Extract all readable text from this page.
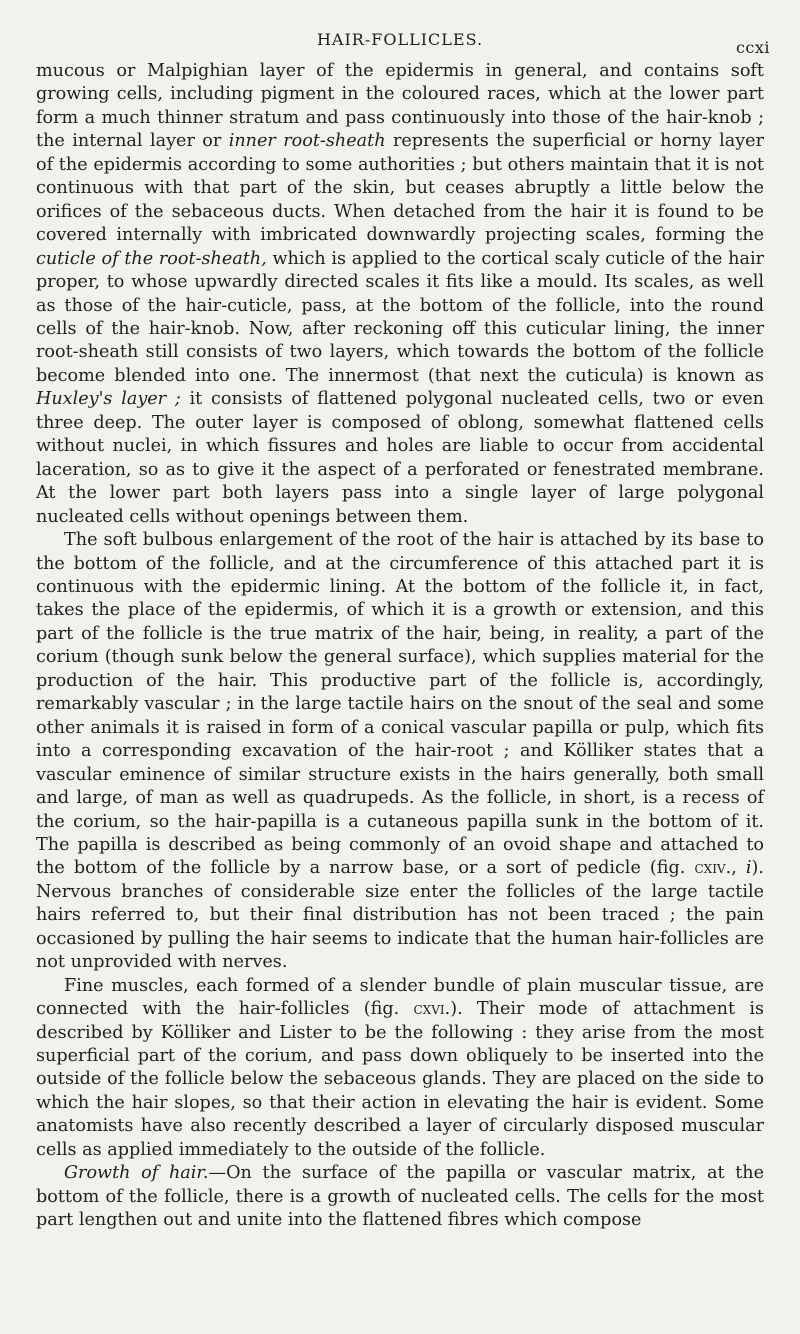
HAIR-FOLLICLES.	ccxi

mucous or Malpighian layer of the epidermis in general, and contains soft growing cells, including pigment in the coloured races, which at the lower part form a much thinner stratum and pass continuously into those of the hair-knob ; the internal layer or inner root-sheath represents the superficial or horny layer of the epidermis according to some authorities ; but others maintain that it is not continuous with that part of the skin, but ceases abruptly a little below the orifices of the sebaceous ducts. When detached from the hair it is found to be covered internally with imbricated downwardly projecting scales, forming the cuticle of the root-sheath, which is applied to the cortical scaly cuticle of the hair proper, to whose upwardly directed scales it fits like a mould. Its scales, as well as those of the hair-cuticle, pass, at the bottom of the follicle, into the round cells of the hair-knob. Now, after reckoning off this cuticular lining, the inner root-sheath still consists of two layers, which towards the bottom of the follicle become blended into one. The innermost (that next the cuticula) is known as Huxley's layer ; it consists of flattened polygonal nucleated cells, two or even three deep. The outer layer is composed of oblong, somewhat flattened cells without nuclei, in which fissures and holes are liable to occur from accidental laceration, so as to give it the aspect of a perforated or fenestrated membrane. At the lower part both layers pass into a single layer of large polygonal nucleated cells without openings between them.

The soft bulbous enlargement of the root of the hair is attached by its base to the bottom of the follicle, and at the circumference of this attached part it is continuous with the epidermic lining. At the bottom of the follicle it, in fact, takes the place of the epidermis, of which it is a growth or extension, and this part of the follicle is the true matrix of the hair, being, in reality, a part of the corium (though sunk below the general surface), which supplies material for the production of the hair. This productive part of the follicle is, accordingly, remarkably vascular ; in the large tactile hairs on the snout of the seal and some other animals it is raised in form of a conical vascular papilla or pulp, which fits into a corresponding excavation of the hair-root ; and Kölliker states that a vascular eminence of similar structure exists in the hairs generally, both small and large, of man as well as quadrupeds. As the follicle, in short, is a recess of the corium, so the hair-papilla is a cutaneous papilla sunk in the bottom of it. The papilla is described as being commonly of an ovoid shape and attached to the bottom of the follicle by a narrow base, or a sort of pedicle (fig. cxiv., i). Nervous branches of considerable size enter the follicles of the large tactile hairs referred to, but their final distribution has not been traced ; the pain occasioned by pulling the hair seems to indicate that the human hair-follicles are not unprovided with nerves.

Fine muscles, each formed of a slender bundle of plain muscular tissue, are connected with the hair-follicles (fig. cxvi.). Their mode of attachment is described by Kölliker and Lister to be the following : they arise from the most superficial part of the corium, and pass down obliquely to be inserted into the outside of the follicle below the sebaceous glands. They are placed on the side to which the hair slopes, so that their action in elevating the hair is evident. Some anatomists have also recently described a layer of circularly disposed muscular cells as applied immediately to the outside of the follicle.

Growth of hair.—On the surface of the papilla or vascular matrix, at the bottom of the follicle, there is a growth of nucleated cells. The cells for the most part lengthen out and unite into the flattened fibres which compose
